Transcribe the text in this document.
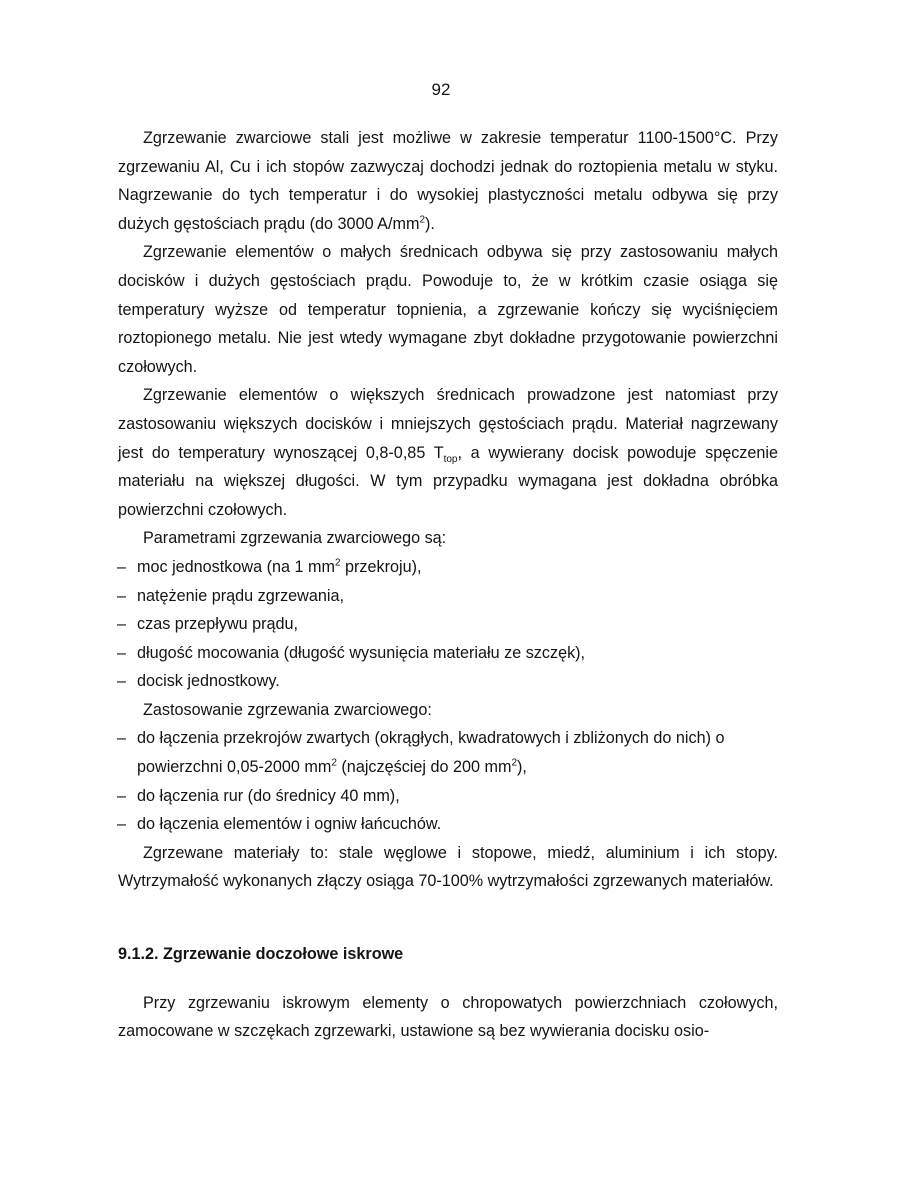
92

Zgrzewanie zwarciowe stali jest możliwe w zakresie temperatur 1100-1500°C. Przy zgrzewaniu Al, Cu i ich stopów zazwyczaj dochodzi jednak do roztopienia metalu w styku. Nagrzewanie do tych temperatur i do wysokiej plastyczności metalu odbywa się przy dużych gęstościach prądu (do 3000 $A/mm^2$).

Zgrzewanie elementów o małych średnicach odbywa się przy zastosowaniu małych docisków i dużych gęstościach prądu. Powoduje to, że w krótkim czasie osiąga się temperatury wyższe od temperatur topnienia, a zgrzewanie kończy się wyciśnięciem roztopionego metalu. Nie jest wtedy wymagane zbyt dokładne przygotowanie powierzchni czołowych.

Zgrzewanie elementów o większych średnicach prowadzone jest natomiast przy zastosowaniu większych docisków i mniejszych gęstościach prądu. Materiał nagrzewany jest do temperatury wynoszącej 0,8-0,85 $T_{top}$, a wywierany docisk powoduje spęczenie materiału na większej długości. W tym przypadku wymagana jest dokładna obróbka powierzchni czołowych.

Parametrami zgrzewania zwarciowego są:

– moc jednostkowa (na 1 $mm^2$ przekroju),
– natężenie prądu zgrzewania,
– czas przepływu prądu,
– długość mocowania (długość wysunięcia materiału ze szczęk),
– docisk jednostkowy.

Zastosowanie zgrzewania zwarciowego:

– do łączenia przekrojów zwartych (okrągłych, kwadratowych i zbliżonych do nich) o powierzchni 0,05-2000 $mm^2$ (najczęściej do 200 $mm^2$),
– do łączenia rur (do średnicy 40 mm),
– do łączenia elementów i ogniw łańcuchów.

Zgrzewane materiały to: stale węglowe i stopowe, miedź, aluminium i ich stopy. Wytrzymałość wykonanych złączy osiąga 70-100% wytrzymałości zgrzewanych materiałów.

9.1.2. Zgrzewanie doczołowe iskrowe

Przy zgrzewaniu iskrowym elementy o chropowatych powierzchniach czołowych, zamocowane w szczękach zgrzewarki, ustawione są bez wywierania docisku osio-
